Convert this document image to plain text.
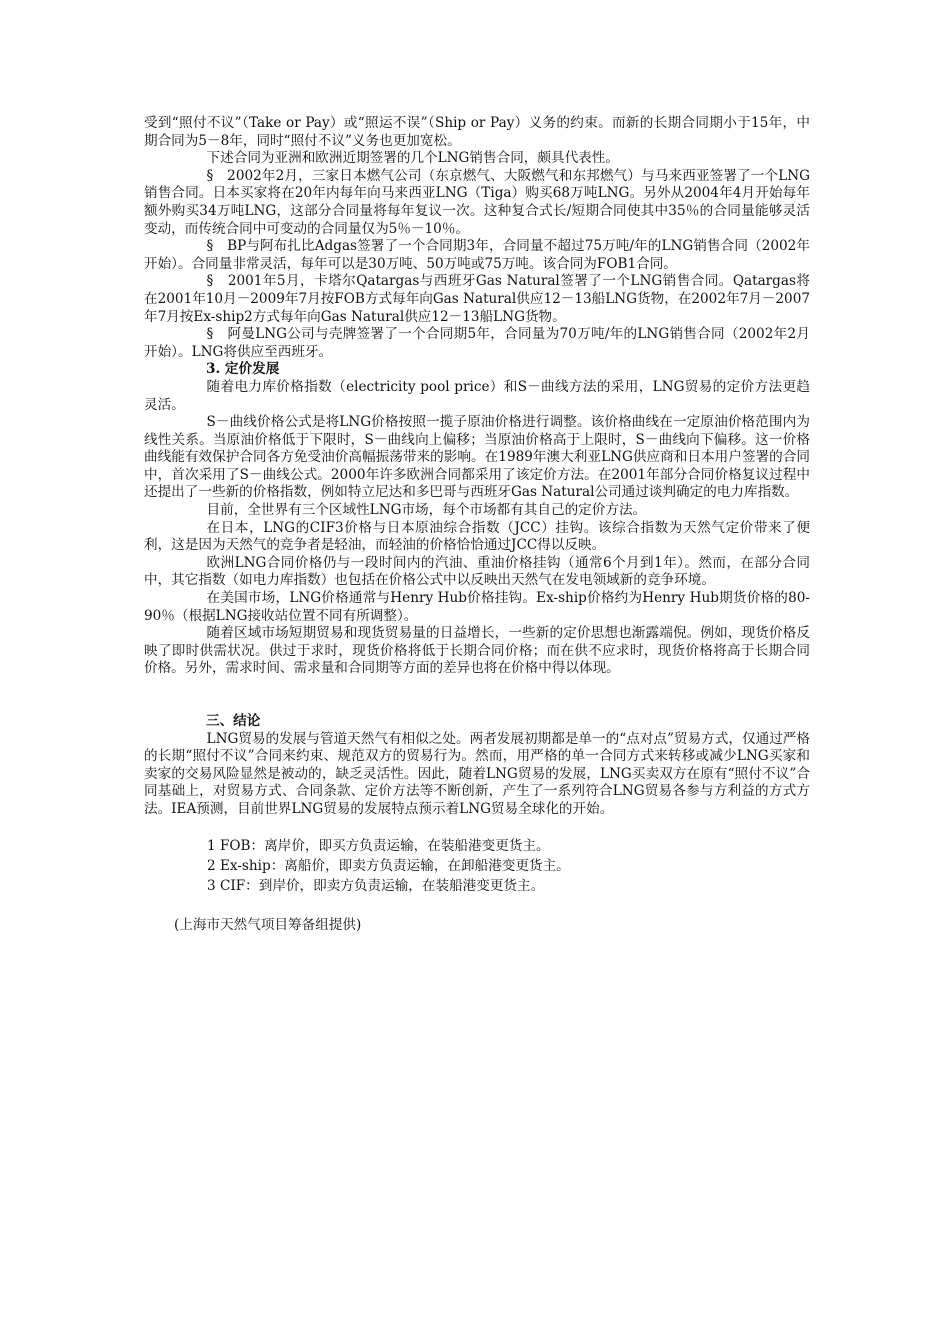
受到“照付不议”（Take or Pay）或“照运不误”（Ship or Pay）义务的约束。而新的长期合同期小于15年，中期合同为5－8年，同时“照付不议”义务也更加宽松。

下述合同为亚洲和欧洲近期签署的几个LNG销售合同，颇具代表性。

§　2002年2月，三家日本燃气公司（东京燃气、大阪燃气和东邦燃气）与马来西亚签署了一个LNG销售合同。日本买家将在20年内每年向马来西亚LNG（Tiga）购买68万吨LNG。另外从2004年4月开始每年额外购买34万吨LNG，这部分合同量将每年复议一次。这种复合式长/短期合同使其中35％的合同量能够灵活变动，而传统合同中可变动的合同量仅为5％－10％。

§　BP与阿布扎比Adgas签署了一个合同期3年，合同量不超过75万吨/年的LNG销售合同（2002年开始）。合同量非常灵活，每年可以是30万吨、50万吨或75万吨。该合同为FOB1合同。

§　2001年5月，卡塔尔Qatargas与西班牙Gas Natural签署了一个LNG销售合同。Qatargas将在2001年10月－2009年7月按FOB方式每年向Gas Natural供应12－13船LNG货物，在2002年7月－2007年7月按Ex-ship2方式每年向Gas Natural供应12－13船LNG货物。

§　阿曼LNG公司与壳牌签署了一个合同期5年，合同量为70万吨/年的LNG销售合同（2002年2月开始）。LNG将供应至西班牙。

3. 定价发展

随着电力库价格指数（electricity pool price）和S－曲线方法的采用，LNG贸易的定价方法更趋灵活。

S－曲线价格公式是将LNG价格按照一揽子原油价格进行调整。该价格曲线在一定原油价格范围内为线性关系。当原油价格低于下限时，S－曲线向上偏移；当原油价格高于上限时，S－曲线向下偏移。这一价格曲线能有效保护合同各方免受油价高幅振荡带来的影响。在1989年澳大利亚LNG供应商和日本用户签署的合同中，首次采用了S－曲线公式。2000年许多欧洲合同都采用了该定价方法。在2001年部分合同价格复议过程中还提出了一些新的价格指数，例如特立尼达和多巴哥与西班牙Gas Natural公司通过谈判确定的电力库指数。

目前，全世界有三个区域性LNG市场，每个市场都有其自己的定价方法。

在日本，LNG的CIF3价格与日本原油综合指数（JCC）挂钩。该综合指数为天然气定价带来了便利，这是因为天然气的竞争者是轻油，而轻油的价格恰恰通过JCC得以反映。

欧洲LNG合同价格仍与一段时间内的汽油、重油价格挂钩（通常6个月到1年）。然而，在部分合同中，其它指数（如电力库指数）也包括在价格公式中以反映出天然气在发电领域新的竞争环境。

在美国市场，LNG价格通常与Henry Hub价格挂钩。Ex-ship价格约为Henry Hub期货价格的80-90％（根据LNG接收站位置不同有所调整）。

随着区域市场短期贸易和现货贸易量的日益增长，一些新的定价思想也渐露端倪。例如，现货价格反映了即时供需状况。供过于求时，现货价格将低于长期合同价格；而在供不应求时，现货价格将高于长期合同价格。另外，需求时间、需求量和合同期等方面的差异也将在价格中得以体现。

三、结论

LNG贸易的发展与管道天然气有相似之处。两者发展初期都是单一的“点对点”贸易方式，仅通过严格的长期“照付不议”合同来约束、规范双方的贸易行为。然而，用严格的单一合同方式来转移或减少LNG买家和卖家的交易风险显然是被动的，缺乏灵活性。因此，随着LNG贸易的发展，LNG买卖双方在原有“照付不议”合同基础上，对贸易方式、合同条款、定价方法等不断创新，产生了一系列符合LNG贸易各参与方利益的方式方法。IEA预测，目前世界LNG贸易的发展特点预示着LNG贸易全球化的开始。

1 FOB：离岸价，即买方负责运输，在装船港变更货主。

2 Ex-ship：离船价，即卖方负责运输，在卸船港变更货主。

3 CIF：到岸价，即卖方负责运输，在装船港变更货主。

(上海市天然气项目筹备组提供)
